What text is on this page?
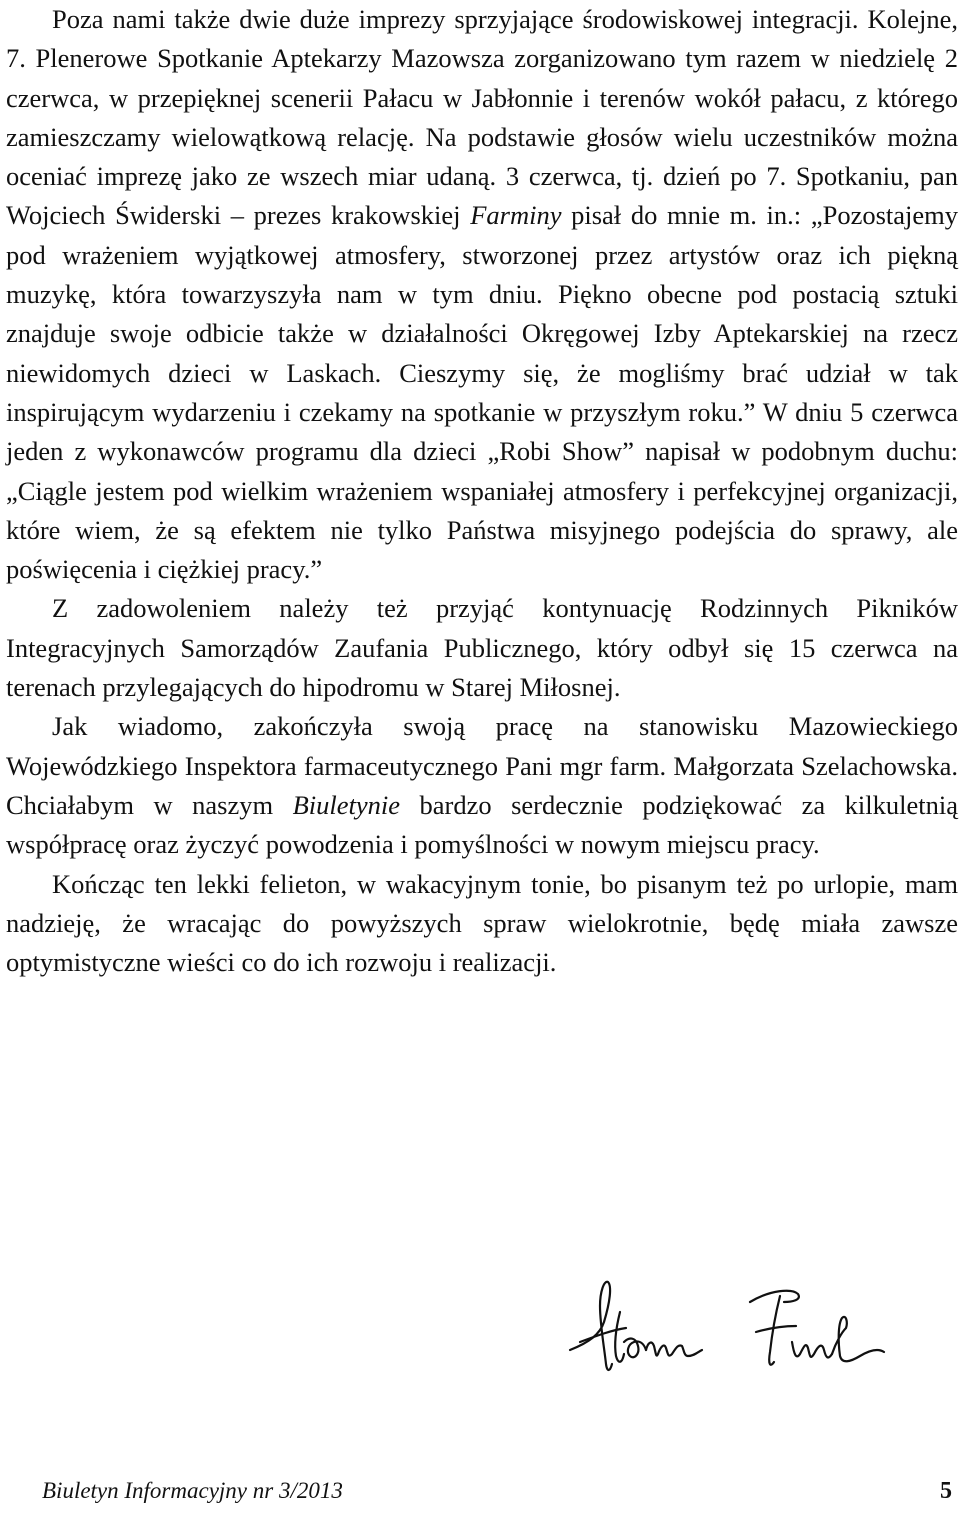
Poza nami także dwie duże imprezy sprzyjające środowiskowej integracji. Kolejne, 7. Plenerowe Spotkanie Aptekarzy Mazowsza zorganizowano tym razem w niedzielę 2 czerwca, w przepięknej scenerii Pałacu w Jabłonnie i terenów wokół pałacu, z którego zamieszczamy wielowątkową relację. Na podstawie głosów wielu uczestników można oceniać imprezę jako ze wszech miar udaną. 3 czerwca, tj. dzień po 7. Spotkaniu, pan Wojciech Świderski – prezes krakowskiej Farminy pisał do mnie m. in.: „Pozostajemy pod wrażeniem wyjątkowej atmosfery, stworzonej przez artystów oraz ich piękną muzykę, która towarzyszyła nam w tym dniu. Piękno obecne pod postacią sztuki znajduje swoje odbicie także w działalności Okręgowej Izby Aptekarskiej na rzecz niewidomych dzieci w Laskach. Cieszymy się, że mogliśmy brać udział w tak inspirującym wydarzeniu i czekamy na spotkanie w przyszłym roku.” W dniu 5 czerwca jeden z wykonawców programu dla dzieci „Robi Show” napisał w podobnym duchu: „Ciągle jestem pod wielkim wrażeniem wspaniałej atmosfery i perfekcyjnej organizacji, które wiem, że są efektem nie tylko Państwa misyjnego podejścia do sprawy, ale poświęcenia i ciężkiej pracy.”

Z zadowoleniem należy też przyjąć kontynuację Rodzinnych Pikników Integracyjnych Samorządów Zaufania Publicznego, który odbył się 15 czerwca na terenach przylegających do hipodromu w Starej Miłosnej.

Jak wiadomo, zakończyła swoją pracę na stanowisku Mazowieckiego Wojewódzkiego Inspektora farmaceutycznego Pani mgr farm. Małgorzata Szelachowska. Chciałabym w naszym Biuletynie bardzo serdecznie podziękować za kilkuletnią współpracę oraz życzyć powodzenia i pomyślności w nowym miejscu pracy.

Kończąc ten lekki felieton, w wakacyjnym tonie, bo pisanym też po urlopie, mam nadzieję, że wracając do powyższych spraw wielokrotnie, będę miała zawsze optymistyczne wieści co do ich rozwoju i realizacji.

Biuletyn Informacyjny nr 3/2013	5
